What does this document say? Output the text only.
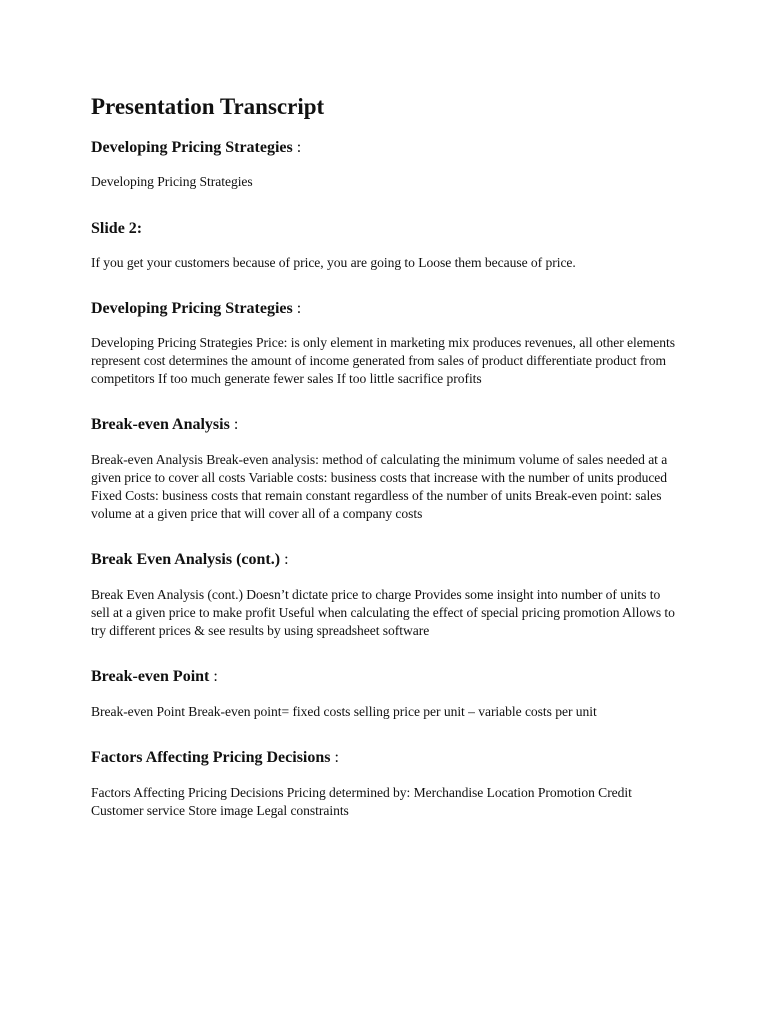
Presentation Transcript
Developing Pricing Strategies :

Developing Pricing Strategies

Slide 2:

If you get your customers because of price, you are going to Loose them because of price.

Developing Pricing Strategies :

Developing Pricing Strategies Price: is only element in marketing mix produces revenues, all other elements represent cost determines the amount of income generated from sales of product differentiate product from competitors If too much generate fewer sales If too little sacrifice profits

Break-even Analysis :

Break-even Analysis Break-even analysis: method of calculating the minimum volume of sales needed at a given price to cover all costs Variable costs: business costs that increase with the number of units produced Fixed Costs: business costs that remain constant regardless of the number of units Break-even point: sales volume at a given price that will cover all of a company costs

Break Even Analysis (cont.) :

Break Even Analysis (cont.) Doesn’t dictate price to charge Provides some insight into number of units to sell at a given price to make profit Useful when calculating the effect of special pricing promotion Allows to try different prices & see results by using spreadsheet software

Break-even Point :

Break-even Point Break-even point= fixed costs selling price per unit – variable costs per unit

Factors Affecting Pricing Decisions :

Factors Affecting Pricing Decisions Pricing determined by: Merchandise Location Promotion Credit Customer service Store image Legal constraints
